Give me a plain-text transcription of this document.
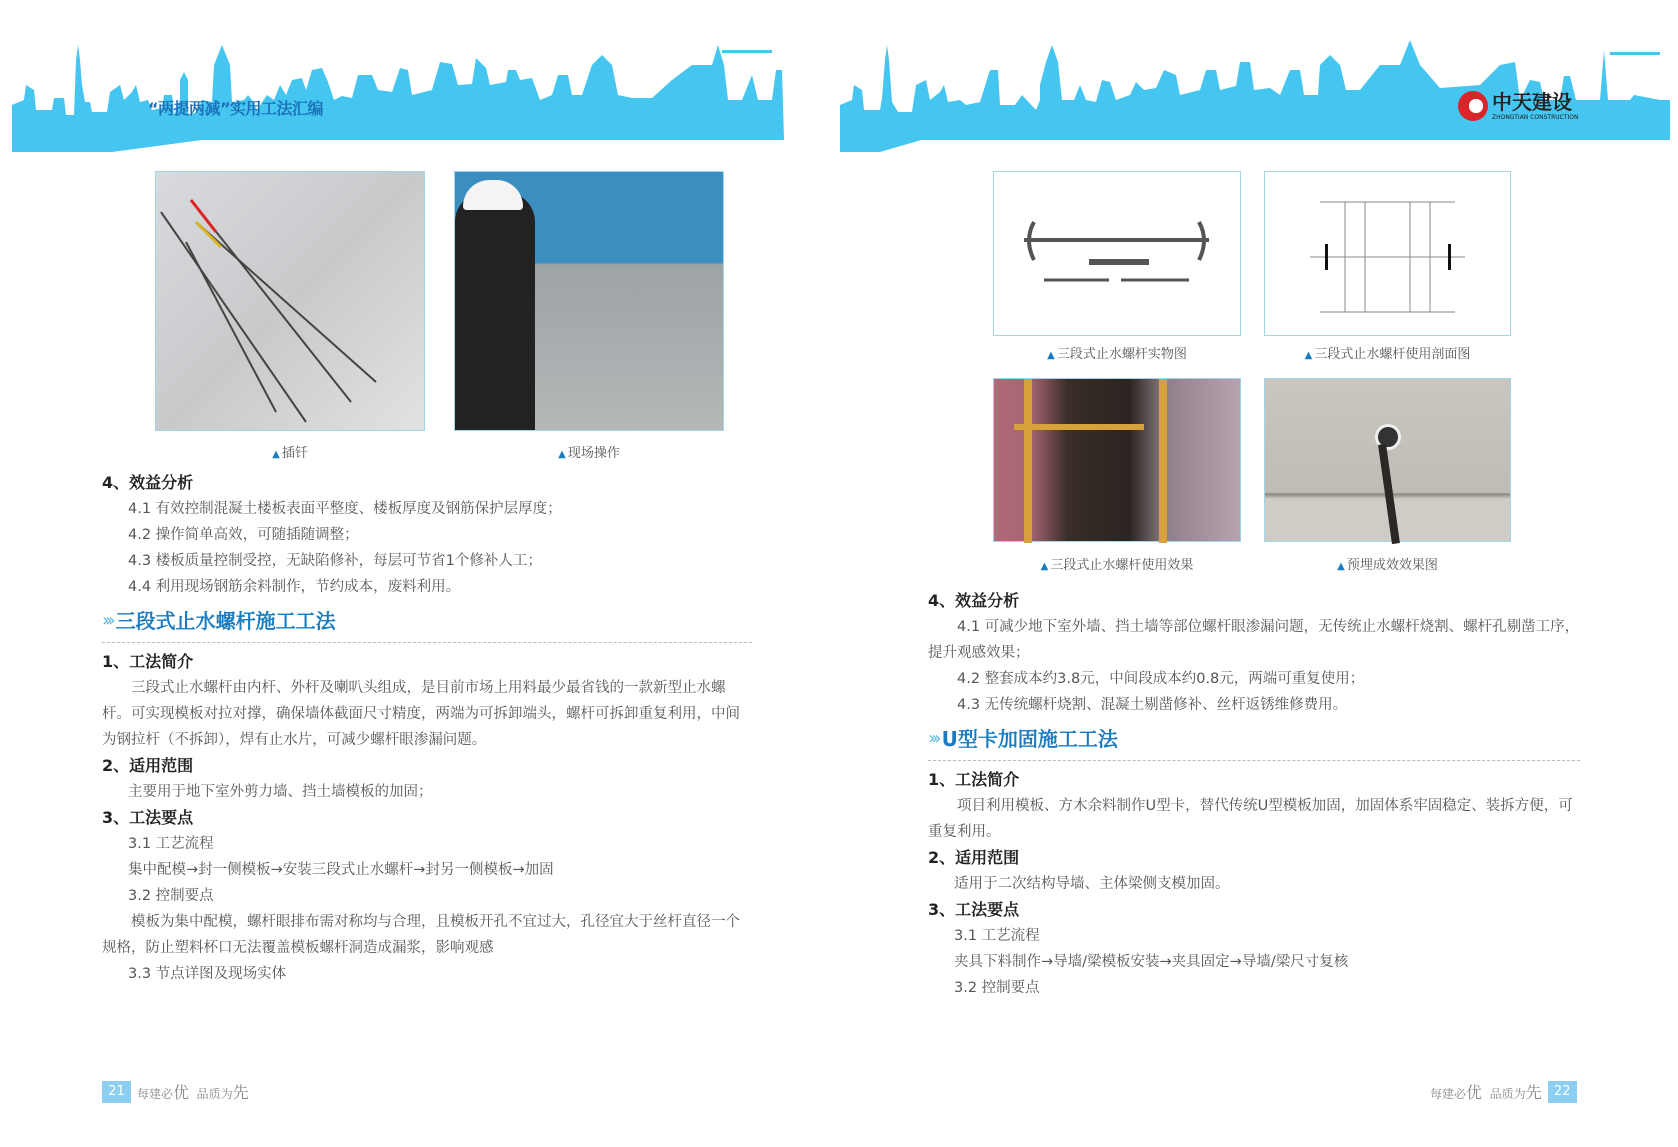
“两提两减”实用工法汇编	中天建设
ZHONGTIAN CONSTRUCTION
▲ 插钎	▲ 现场操作
4、效益分析
4.1 有效控制混凝土楼板表面平整度、楼板厚度及钢筋保护层厚度；
4.2 操作简单高效，可随插随调整；
4.3 楼板质量控制受控，无缺陷修补，每层可节省1个修补人工；
4.4 利用现场钢筋余料制作，节约成本，废料利用。
››› 三段式止水螺杆施工工法
1、工法简介
三段式止水螺杆由内杆、外杆及喇叭头组成，是目前市场上用料最少最省钱的一款新型止水螺杆。可实现模板对拉对撑，确保墙体截面尺寸精度，两端为可拆卸端头，螺杆可拆卸重复利用，中间为钢拉杆（不拆卸），焊有止水片，可减少螺杆眼渗漏问题。
2、适用范围
主要用于地下室外剪力墙、挡土墙模板的加固；
3、工法要点
3.1 工艺流程
集中配模→封一侧模板→安装三段式止水螺杆→封另一侧模板→加固
3.2 控制要点
模板为集中配模，螺杆眼排布需对称均与合理，且模板开孔不宜过大，孔径宜大于丝杆直径一个规格，防止塑料杯口无法覆盖模板螺杆洞造成漏浆，影响观感
3.3 节点详图及现场实体
21	每建必优 品质为先
▲ 三段式止水螺杆实物图	▲ 三段式止水螺杆使用剖面图
▲ 三段式止水螺杆使用效果	▲ 预埋成效效果图
4、效益分析
4.1 可减少地下室外墙、挡土墙等部位螺杆眼渗漏问题，无传统止水螺杆烧割、螺杆孔剔凿工序，提升观感效果；
4.2 整套成本约3.8元，中间段成本约0.8元，两端可重复使用；
4.3 无传统螺杆烧割、混凝土剔凿修补、丝杆返锈维修费用。
››› U型卡加固施工工法
1、工法简介
项目利用模板、方木余料制作U型卡，替代传统U型模板加固，加固体系牢固稳定、装拆方便，可重复利用。
2、适用范围
适用于二次结构导墙、主体梁侧支模加固。
3、工法要点
3.1 工艺流程
夹具下料制作→导墙/梁模板安装→夹具固定→导墙/梁尺寸复核
3.2 控制要点
每建必优 品质为先 22
